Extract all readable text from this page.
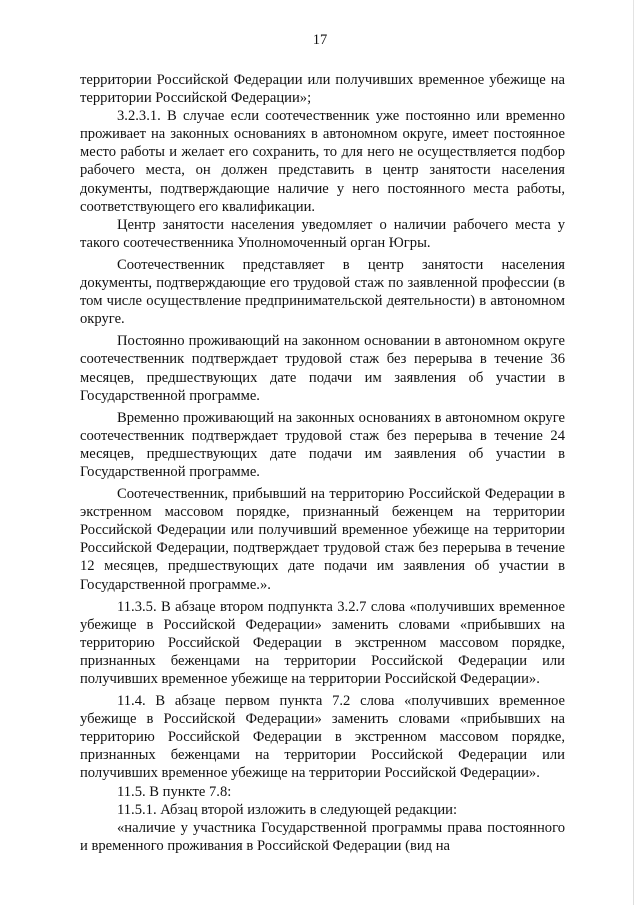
17

территории Российской Федерации или получивших временное убежище на территории Российской Федерации»;

3.2.3.1. В случае если соотечественник уже постоянно или временно проживает на законных основаниях в автономном округе, имеет постоянное место работы и желает его сохранить, то для него не осуществляется подбор рабочего места, он должен представить в центр занятости населения документы, подтверждающие наличие у него постоянного места работы, соответствующего его квалификации.

Центр занятости населения уведомляет о наличии рабочего места у такого соотечественника Уполномоченный орган Югры.

Соотечественник представляет в центр занятости населения документы, подтверждающие его трудовой стаж по заявленной профессии (в том числе осуществление предпринимательской деятельности) в автономном округе.

Постоянно проживающий на законном основании в автономном округе соотечественник подтверждает трудовой стаж без перерыва в течение 36 месяцев, предшествующих дате подачи им заявления об участии в Государственной программе.

Временно проживающий на законных основаниях в автономном округе соотечественник подтверждает трудовой стаж без перерыва в течение 24 месяцев, предшествующих дате подачи им заявления об участии в Государственной программе.

Соотечественник, прибывший на территорию Российской Федерации в экстренном массовом порядке, признанный беженцем на территории Российской Федерации или получивший временное убежище на территории Российской Федерации, подтверждает трудовой стаж без перерыва в течение 12 месяцев, предшествующих дате подачи им заявления об участии в Государственной программе.».

11.3.5. В абзаце втором подпункта 3.2.7 слова «получивших временное убежище в Российской Федерации» заменить словами «прибывших на территорию Российской Федерации в экстренном массовом порядке, признанных беженцами на территории Российской Федерации или получивших временное убежище на территории Российской Федерации».

11.4. В абзаце первом пункта 7.2 слова «получивших временное убежище в Российской Федерации» заменить словами «прибывших на территорию Российской Федерации в экстренном массовом порядке, признанных беженцами на территории Российской Федерации или получивших временное убежище на территории Российской Федерации».

11.5. В пункте 7.8:

11.5.1. Абзац второй изложить в следующей редакции:

«наличие у участника Государственной программы права постоянного и временного проживания в Российской Федерации (вид на
